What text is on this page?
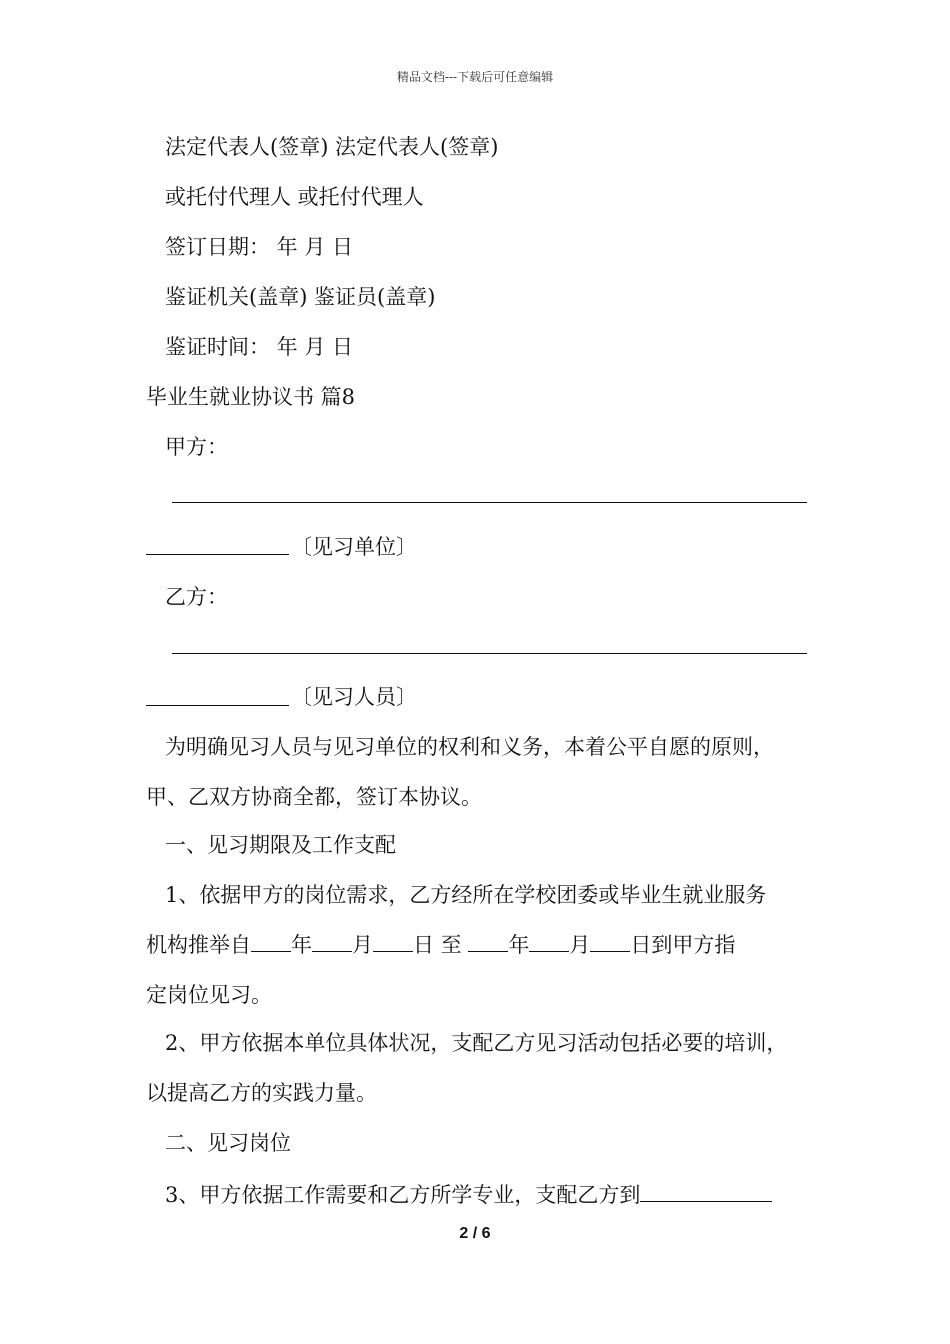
精品文档---下载后可任意编辑
法定代表人(签章) 法定代表人(签章)
或托付代理人 或托付代理人
签订日期： 年 月 日
鉴证机关(盖章) 鉴证员(盖章)
鉴证时间： 年 月 日
毕业生就业协议书 篇8
甲方：
〔见习单位〕
乙方：
〔见习人员〕
为明确见习人员与见习单位的权利和义务，本着公平自愿的原则，
甲、乙双方协商全都，签订本协议。
一、见习期限及工作支配
1、依据甲方的岗位需求，乙方经所在学校团委或毕业生就业服务
机构推举自 年 月 日 至 年 月 日到甲方指
定岗位见习。
2、甲方依据本单位具体状况，支配乙方见习活动包括必要的培训，
以提高乙方的实践力量。
二、见习岗位
3、甲方依据工作需要和乙方所学专业，支配乙方到
2 / 6
